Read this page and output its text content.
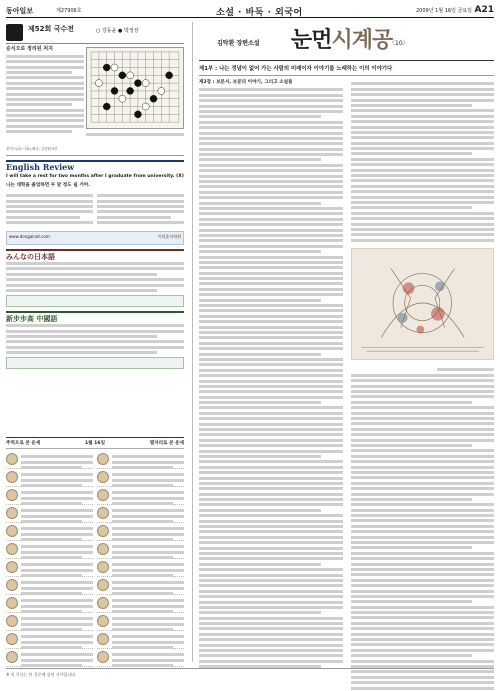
동아일보	제27906호	소설 · 바둑 · 외국어	2009년 1월 16일 금요일 A21
제52회 국수전	○ 강동윤 ● 박정상
승식으로 정리된 처지
장면도(21~29) 해설: 김영환 9단
English Review
I will take a rest for two months after I graduate from university. (X)
나는 대학을 졸업하면 두 달 정도 쉴 거야.
www.dongainet.com	이익훈어학원
みんなの日本語
新步步高 中國語
주역으로 본 운세	1월 16일	별자리로 본 운세
김탁환 장편소설 눈먼시계공
〈10〉
제1부 : 나는 정념이 없어 가는 사람의 미래이자 이야기를 노래하는 이의 이야기다
제2장 : 보문서, 보문의 이야기, 그리고 소설들
※ 이 기사는 본 신문에 실린 기사입니다.
